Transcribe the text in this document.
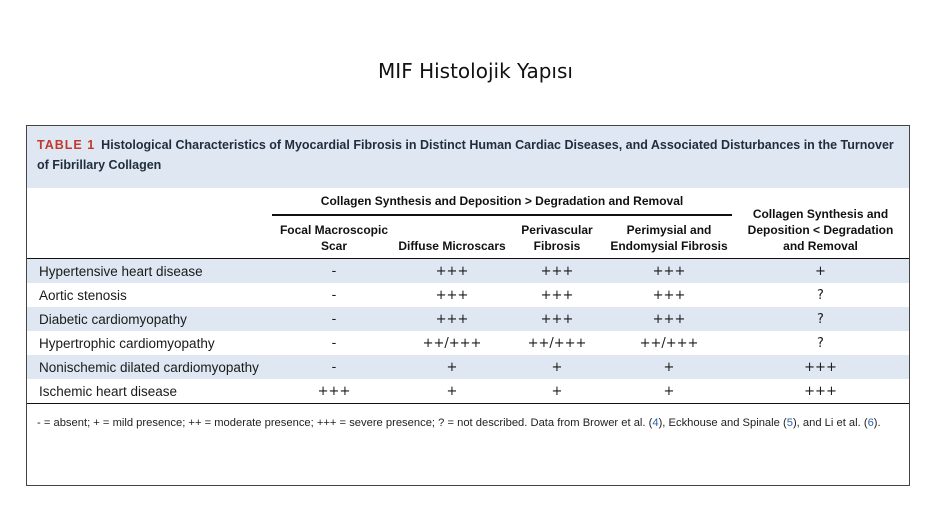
MIF Histolojik Yapısı
TABLE 1 Histological Characteristics of Myocardial Fibrosis in Distinct Human Cardiac Diseases, and Associated Disturbances in the Turnover of Fibrillary Collagen
	Collagen Synthesis and Deposition > Degradation and Removal				Collagen Synthesis and Deposition < Degradation and Removal
	Focal Macroscopic Scar	Diffuse Microscars	Perivascular Fibrosis	Perimysial and Endomysial Fibrosis	
Hypertensive heart disease	-	+++	+++	+++	+
Aortic stenosis	-	+++	+++	+++	?
Diabetic cardiomyopathy	-	+++	+++	+++	?
Hypertrophic cardiomyopathy	-	++/+++	++/+++	++/+++	?
Nonischemic dilated cardiomyopathy	-	+	+	+	+++
Ischemic heart disease	+++	+	+	+	+++
- = absent; + = mild presence; ++ = moderate presence; +++ = severe presence; ? = not described. Data from Brower et al. (4), Eckhouse and Spinale (5), and Li et al. (6).
